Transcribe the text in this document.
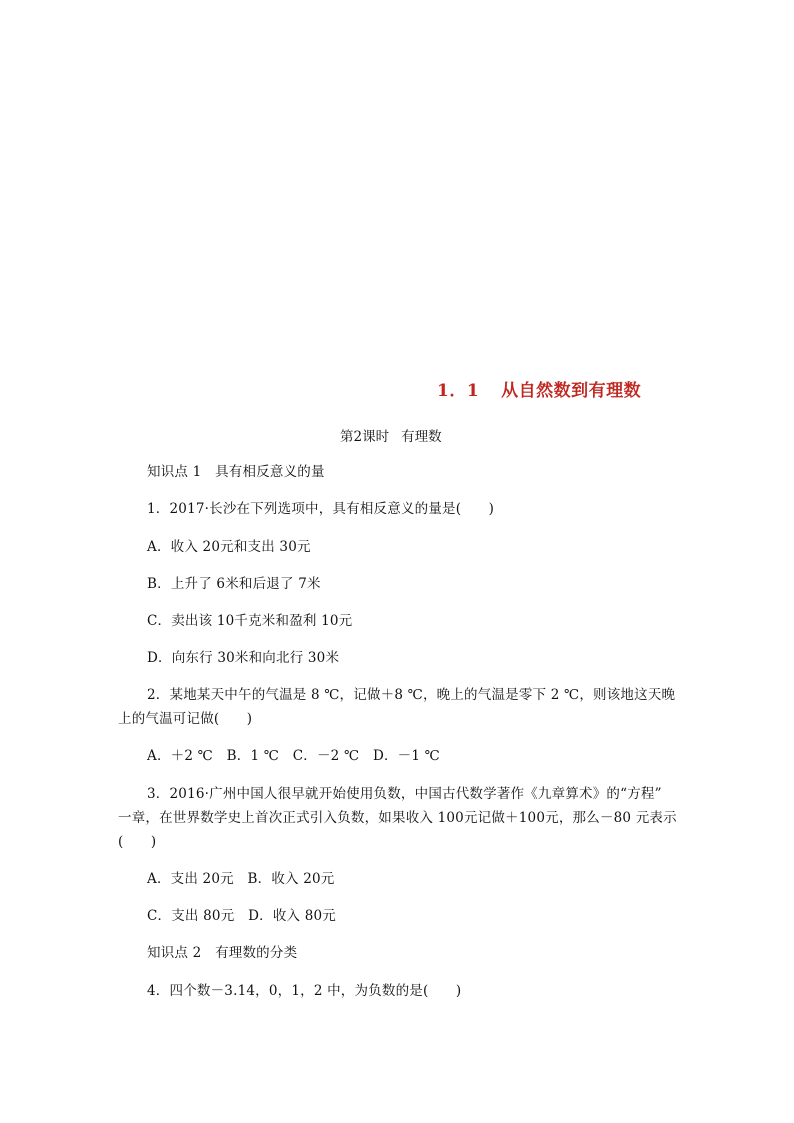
1．1 从自然数到有理数
第2课时 有理数
知识点 1　具有相反意义的量
1．2017·长沙在下列选项中，具有相反意义的量是(　　)
A．收入 20元和支出 30元
B．上升了 6米和后退了 7米
C．卖出该 10千克米和盈利 10元
D．向东行 30米和向北行 30米
2．某地某天中午的气温是 8 ℃，记做＋8 ℃，晚上的气温是零下 2 ℃，则该地这天晚
上的气温可记做(　　)
A．＋2 ℃　B．1 ℃　C．－2 ℃　D．－1 ℃
3．2016·广州中国人很早就开始使用负数，中国古代数学著作《九章算术》的“方程”
一章，在世界数学史上首次正式引入负数，如果收入 100元记做＋100元，那么－80 元表示
(　　)
A．支出 20元　B．收入 20元
C．支出 80元　D．收入 80元
知识点 2　有理数的分类
4．四个数－3.14，0，1，2 中，为负数的是(　　)
